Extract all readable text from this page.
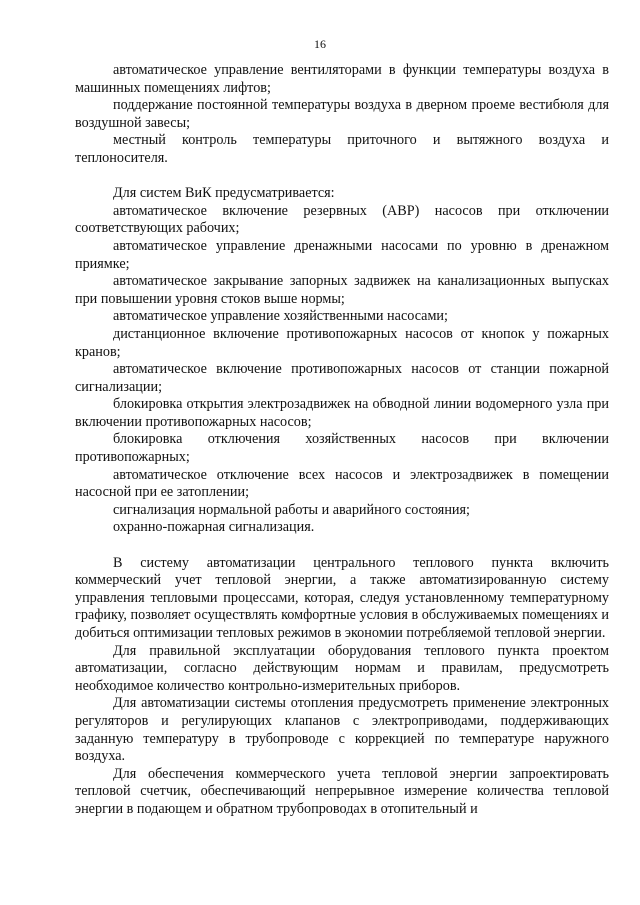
16

автоматическое управление вентиляторами в функции температуры воздуха в машинных помещениях лифтов;

поддержание постоянной температуры воздуха в дверном проеме вестибюля для воздушной завесы;

местный контроль температуры приточного и вытяжного воздуха и теплоносителя.

Для систем ВиК предусматривается:

автоматическое включение резервных (АВР) насосов при отключении соответствующих рабочих;

автоматическое управление дренажными насосами по уровню в дренажном приямке;

автоматическое закрывание запорных задвижек на канализационных выпусках при повышении уровня стоков выше нормы;

автоматическое управление хозяйственными насосами;

дистанционное включение противопожарных насосов от кнопок у пожарных кранов;

автоматическое включение противопожарных насосов от станции пожарной сигнализации;

блокировка открытия электрозадвижек на обводной линии водомерного узла при включении противопожарных насосов;

блокировка отключения хозяйственных насосов при включении противопожарных;

автоматическое отключение всех насосов и электрозадвижек в помещении насосной при ее затоплении;

сигнализация нормальной работы и аварийного состояния;

охранно-пожарная сигнализация.

В систему автоматизации центрального теплового пункта включить коммерческий учет тепловой энергии, а также автоматизированную систему управления тепловыми процессами, которая, следуя установленному температурному графику, позволяет осуществлять комфортные условия в обслуживаемых помещениях и добиться оптимизации тепловых режимов в экономии потребляемой тепловой энергии.

Для правильной эксплуатации оборудования теплового пункта проектом автоматизации, согласно действующим нормам и правилам, предусмотреть необходимое количество контрольно-измерительных приборов.

Для автоматизации системы отопления предусмотреть применение электронных регуляторов и регулирующих клапанов с электроприводами, поддерживающих заданную температуру в трубопроводе с коррекцией по температуре наружного воздуха.

Для обеспечения коммерческого учета тепловой энергии запроектировать тепловой счетчик, обеспечивающий непрерывное измерение количества тепловой энергии в подающем и обратном трубопроводах в отопительный и
